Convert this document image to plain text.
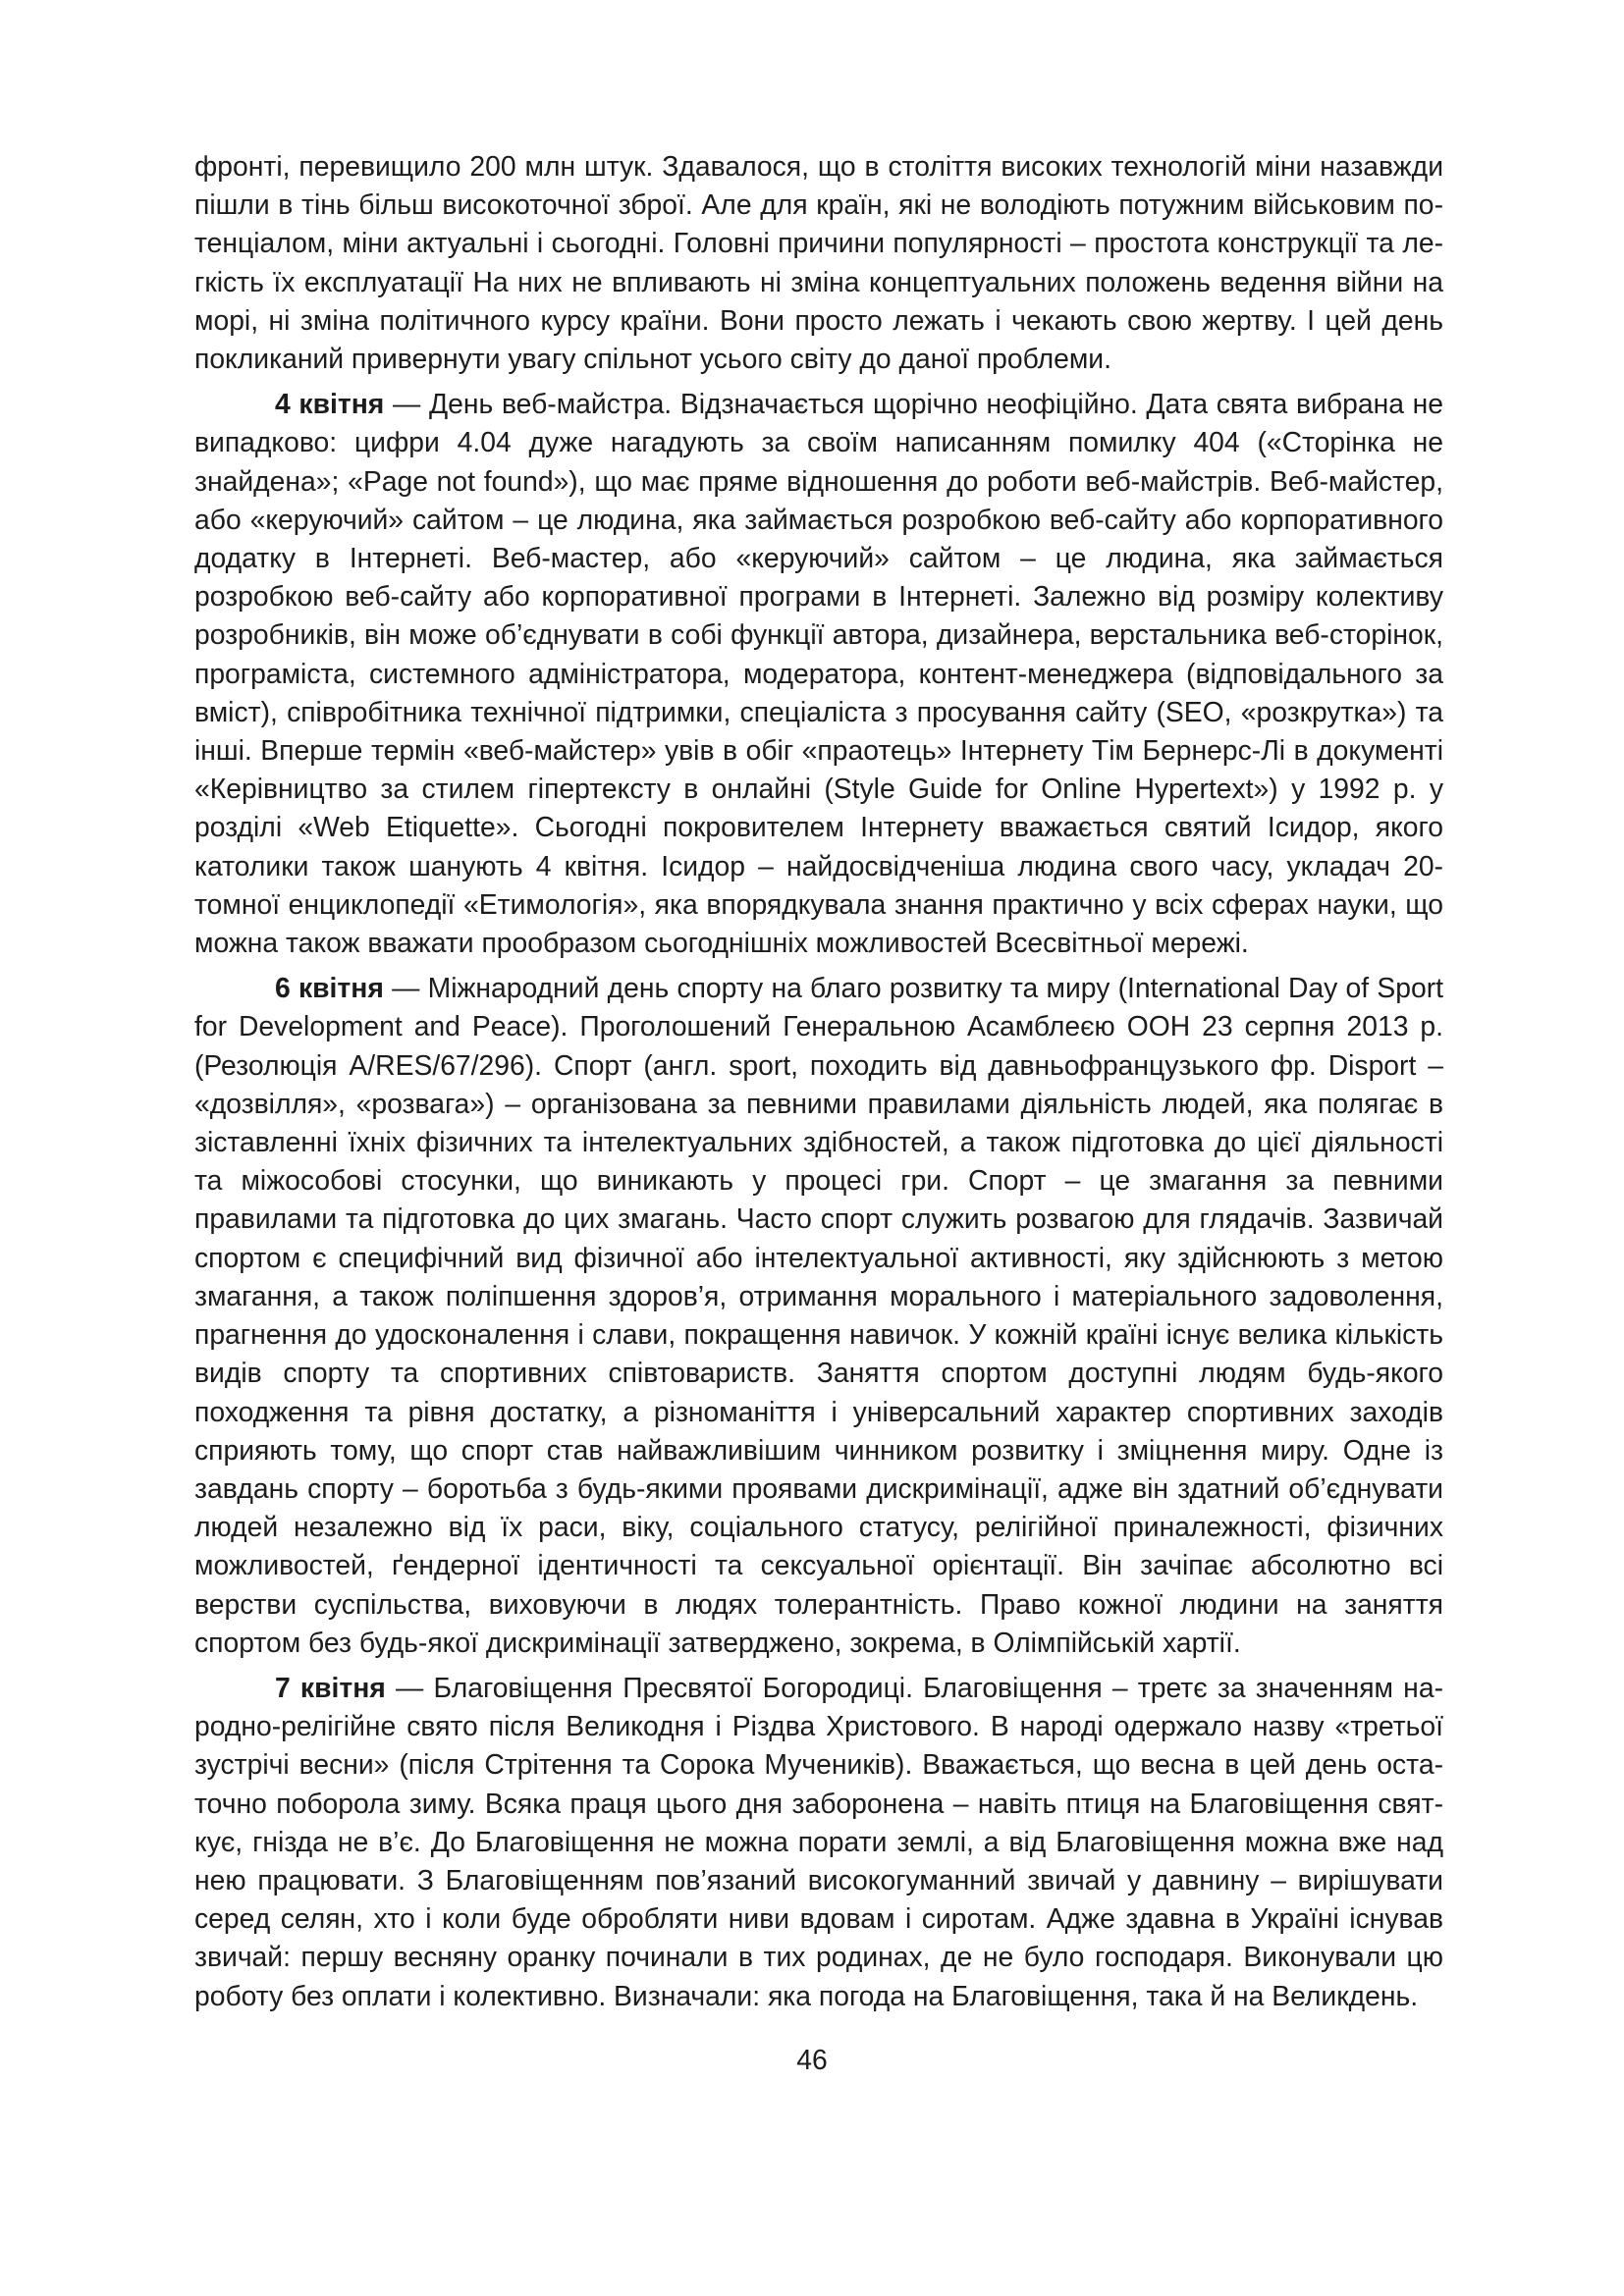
фронті, перевищило 200 млн штук. Здавалося, що в століття високих технологій міни назавжди пішли в тінь більш високоточної зброї. Але для країн, які не володіють потужним військовим потенціалом, міни актуальні і сьогодні. Головні причини популярності – простота конструкції та легкість їх експлуатації На них не впливають ні зміна концептуальних положень ведення війни на морі, ні зміна політичного курсу країни. Вони просто лежать і чекають свою жертву. І цей день покликаний привернути увагу спільнот усього світу до даної проблеми.

4 квітня — День веб-майстра. Відзначається щорічно неофіційно. Дата свята вибрана не випадково: цифри 4.04 дуже нагадують за своїм написанням помилку 404 («Сторінка не знайдена»; «Page not found»), що має пряме відношення до роботи веб-майстрів. Веб-майстер, або «керуючий» сайтом – це людина, яка займається розробкою веб-сайту або корпоративного додатку в Інтернеті. Веб-мастер, або «керуючий» сайтом – це людина, яка займається розробкою веб-сайту або корпоративної програми в Інтернеті. Залежно від розміру колективу розробників, він може об’єднувати в собі функції автора, дизайнера, верстальника веб-сторінок, програміста, системного адміністратора, модератора, контент-менеджера (відповідального за вміст), співробітника технічної підтримки, спеціаліста з просування сайту (SEO, «розкрутка») та інші. Вперше термін «веб-майстер» увів в обіг «праотець» Інтернету Тім Бернерс-Лі в документі «Керівництво за стилем гіпертексту в онлайні (Style Guide for Online Hypertext») у 1992 р. у розділі «Web Etiquette». Сьогодні покровителем Інтернету вважається святий Ісидор, якого католики також шанують 4 квітня. Ісидор – найдосвідченіша людина свого часу, укладач 20-томної енциклопедії «Етимологія», яка впорядкувала знання практично у всіх сферах науки, що можна також вважати прообразом сьогоднішніх можливостей Всесвітньої мережі.

6 квітня — Міжнародний день спорту на благо розвитку та миру (International Day of Sport for Development and Peace). Проголошений Генеральною Асамблеєю ООН 23 серпня 2013 р. (Резолюція A/RES/67/296). Спорт (англ. sport, походить від давньофранцузького фр. Disport – «дозвілля», «розвага») – організована за певними правилами діяльність людей, яка полягає в зіставленні їхніх фізичних та інтелектуальних здібностей, а також підготовка до цієї діяльності та міжособові стосунки, що виникають у процесі гри. Спорт – це змагання за певними правилами та підготовка до цих змагань. Часто спорт служить розвагою для глядачів. Зазвичай спортом є специфічний вид фізичної або інтелектуальної активності, яку здійснюють з метою змагання, а також поліпшення здоров’я, отримання морального і матеріального задоволення, прагнення до удосконалення і слави, покращення навичок. У кожній країні існує велика кількість видів спорту та спортивних співтовариств. Заняття спортом доступні людям будь-якого походження та рівня достатку, а різноманіття і універсальний характер спортивних заходів сприяють тому, що спорт став найважливішим чинником розвитку і зміцнення миру. Одне із завдань спорту – боротьба з будь-якими проявами дискримінації, адже він здатний об’єднувати людей незалежно від їх раси, віку, соціального статусу, релігійної приналежності, фізичних можливостей, ґендерної ідентичності та сексуальної орієнтації. Він зачіпає абсолютно всі верстви суспільства, виховуючи в людях толерантність. Право кожної людини на заняття спортом без будь-якої дискримінації затверджено, зокрема, в Олімпійській хартії.

7 квітня — Благовіщення Пресвятої Богородиці. Благовіщення – третє за значенням народно-релігійне свято після Великодня і Різдва Христового. В народі одержало назву «третьої зустрічі весни» (після Стрітення та Сорока Мучеників). Вважається, що весна в цей день остаточно поборола зиму. Всяка праця цього дня заборонена – навіть птиця на Благовіщення святкує, гнізда не в’є. До Благовіщення не можна порати землі, а від Благовіщення можна вже над нею працювати. З Благовіщенням пов’язаний високогуманний звичай у давнину – вирішувати серед селян, хто і коли буде обробляти ниви вдовам і сиротам. Адже здавна в Україні існував звичай: першу весняну оранку починали в тих родинах, де не було господаря. Виконували цю роботу без оплати і колективно. Визначали: яка погода на Благовіщення, така й на Великдень.

46
